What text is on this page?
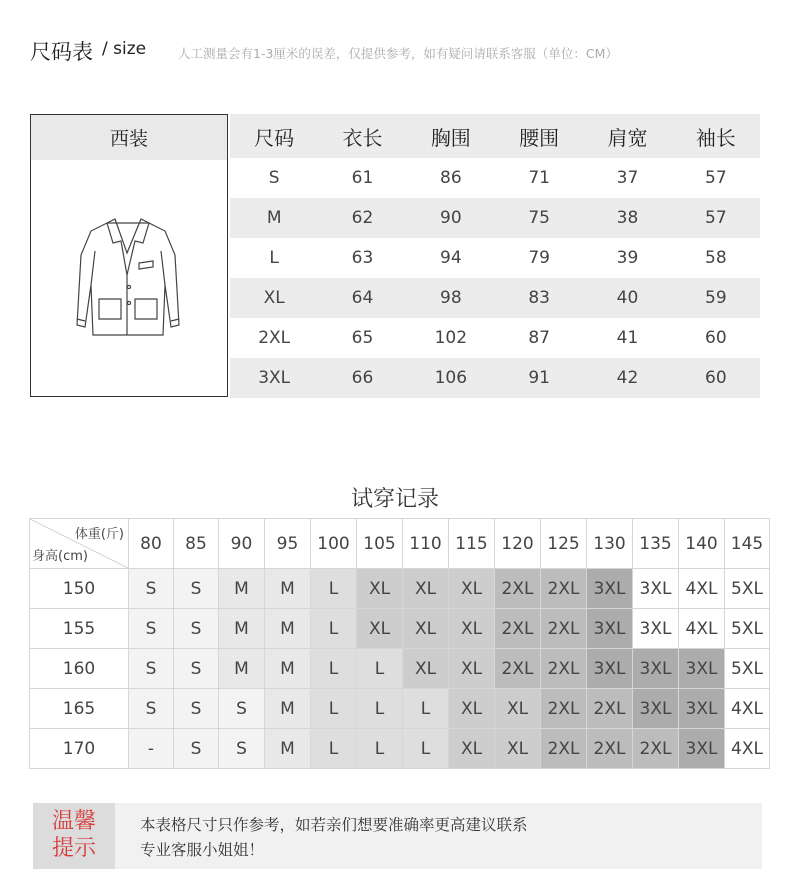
尺码表 / size	人工测量会有1-3厘米的误差，仅提供参考，如有疑问请联系客服（单位：CM）
西装	尺码	衣长	胸围	腰围	肩宽	袖长
S	61	86	71	37	57
M	62	90	75	38	57
L	63	94	79	39	58
XL	64	98	83	40	59
2XL	65	102	87	41	60
3XL	66	106	91	42	60
试穿记录
体重(斤)
身高(cm)	80	85	90	95	100	105	110	115	120	125	130	135	140	145
150	S	S	M	M	L	XL	XL	XL	2XL	2XL	3XL	3XL	4XL	5XL
155	S	S	M	M	L	XL	XL	XL	2XL	2XL	3XL	3XL	4XL	5XL
160	S	S	M	M	L	L	XL	XL	2XL	2XL	3XL	3XL	3XL	5XL
165	S	S	S	M	L	L	L	XL	XL	2XL	2XL	3XL	3XL	4XL
170	-	S	S	M	L	L	L	XL	XL	2XL	2XL	2XL	3XL	4XL
温馨
提示
本表格尺寸只作参考，如若亲们想要准确率更高建议联系
专业客服小姐姐！
